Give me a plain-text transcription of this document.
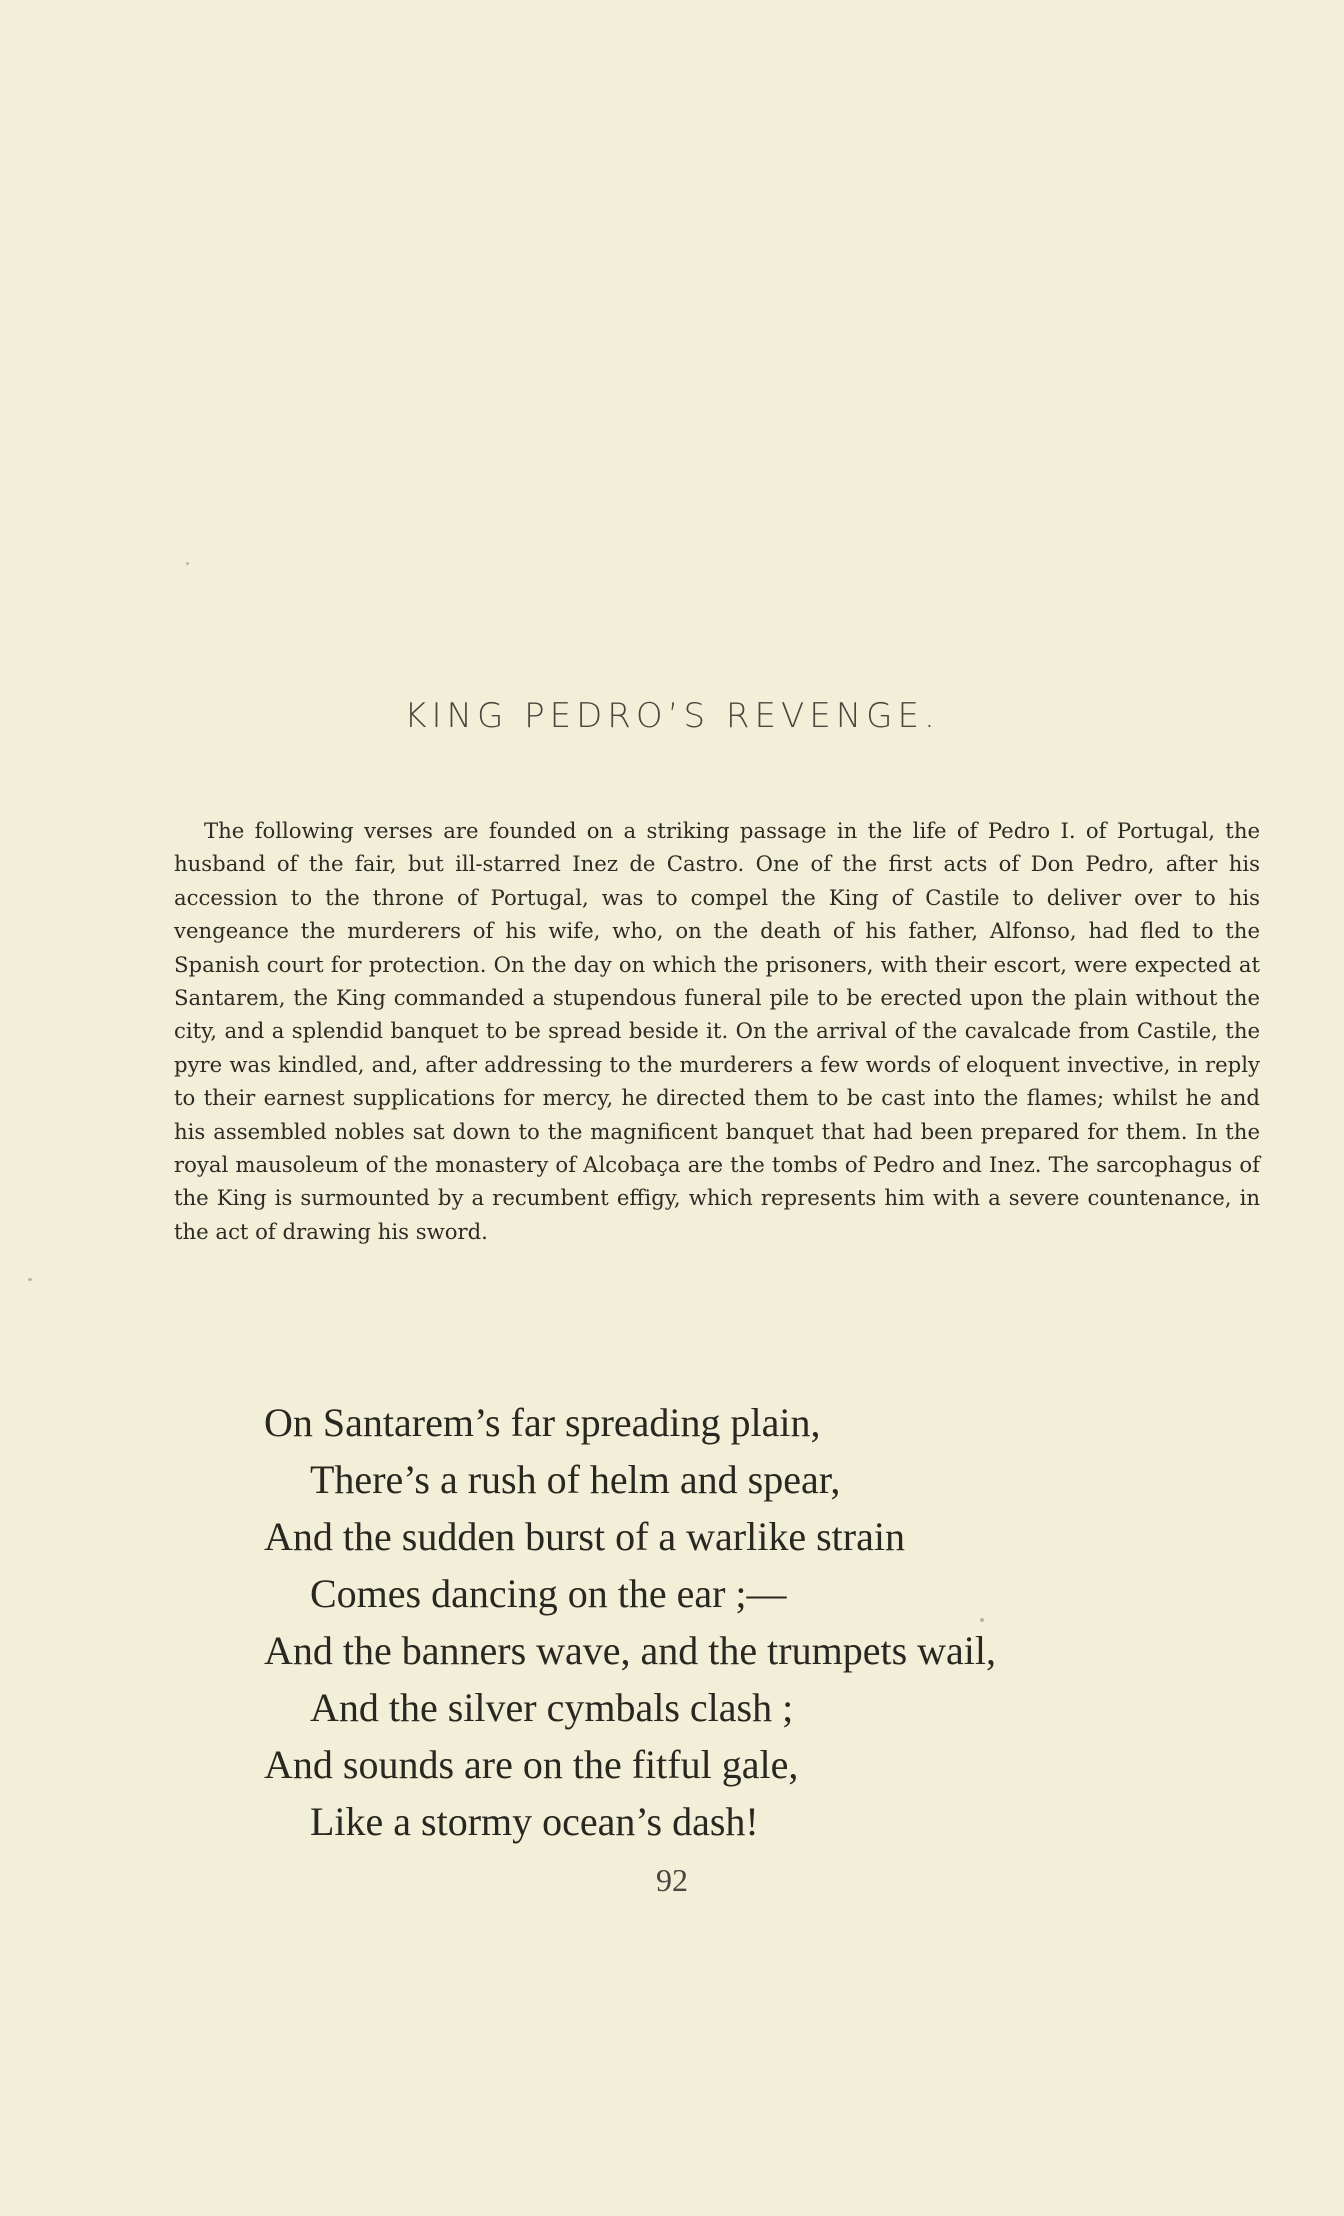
KING PEDRO’S REVENGE.

The following verses are founded on a striking passage in the life of Pedro I. of Portugal, the husband of the fair, but ill-starred Inez de Castro. One of the first acts of Don Pedro, after his accession to the throne of Portugal, was to compel the King of Castile to deliver over to his vengeance the murderers of his wife, who, on the death of his father, Alfonso, had fled to the Spanish court for protection. On the day on which the prisoners, with their escort, were expected at Santarem, the King commanded a stupendous funeral pile to be erected upon the plain without the city, and a splendid banquet to be spread beside it. On the arrival of the cavalcade from Castile, the pyre was kindled, and, after addressing to the murderers a few words of eloquent invective, in reply to their earnest supplications for mercy, he directed them to be cast into the flames; whilst he and his assembled nobles sat down to the magnificent banquet that had been prepared for them. In the royal mausoleum of the monastery of Alcobaça are the tombs of Pedro and Inez. The sarcophagus of the King is surmounted by a recumbent effigy, which represents him with a severe countenance, in the act of drawing his sword.

On Santarem’s far spreading plain,
There’s a rush of helm and spear,
And the sudden burst of a warlike strain
Comes dancing on the ear ;—
And the banners wave, and the trumpets wail,
And the silver cymbals clash ;
And sounds are on the fitful gale,
Like a stormy ocean’s dash!
92
